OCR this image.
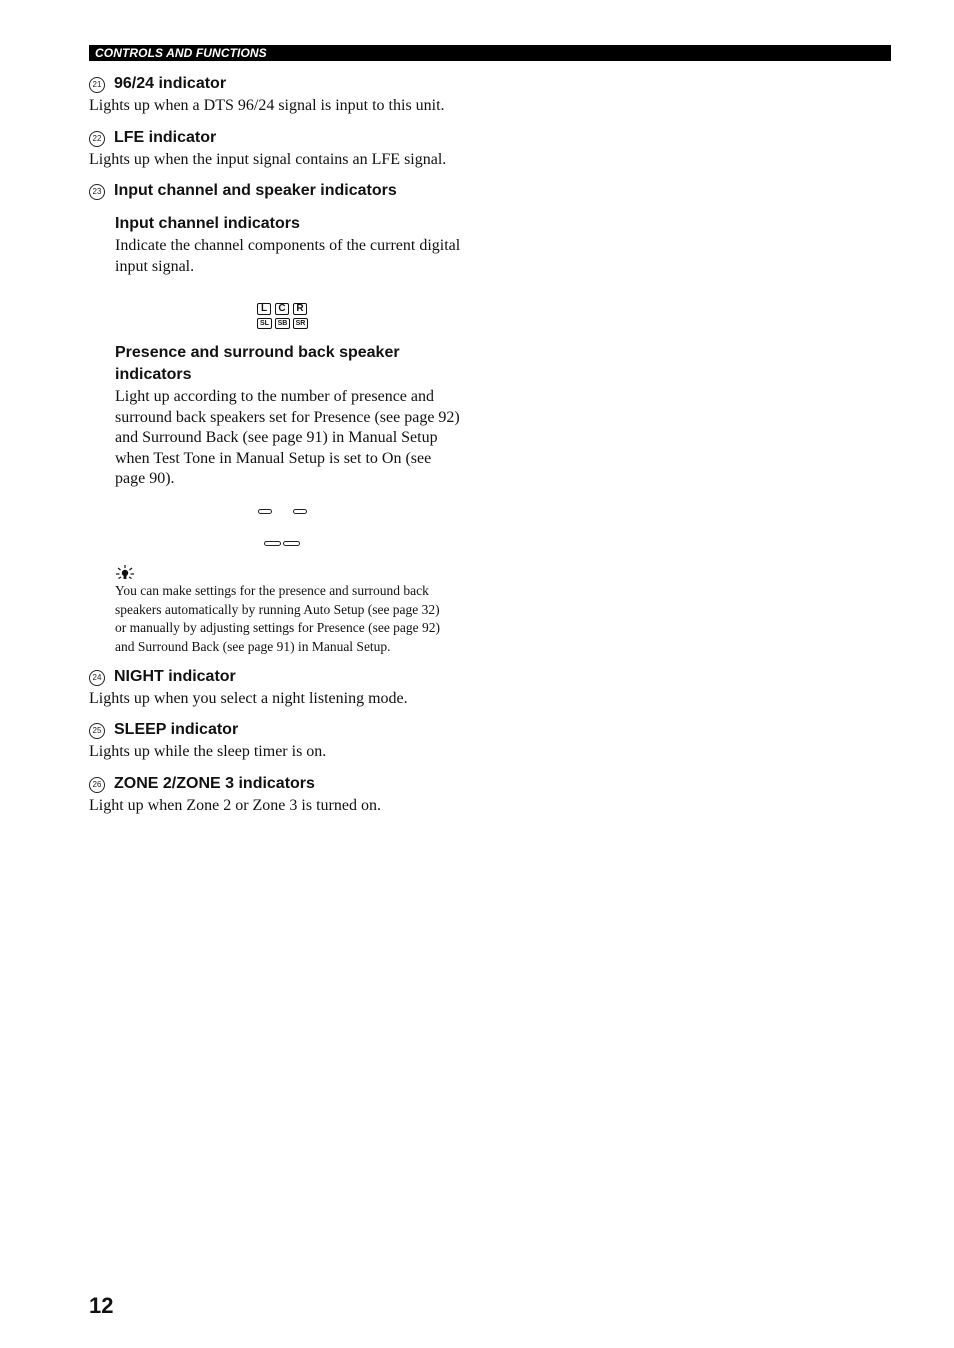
CONTROLS AND FUNCTIONS
21 96/24 indicator
Lights up when a DTS 96/24 signal is input to this unit.
22 LFE indicator
Lights up when the input signal contains an LFE signal.
23 Input channel and speaker indicators
Input channel indicators
Indicate the channel components of the current digital
input signal.
L C R
SL SB SR
Presence and surround back speaker
indicators
Light up according to the number of presence and
surround back speakers set for Presence (see page 92)
and Surround Back (see page 91) in Manual Setup
when Test Tone in Manual Setup is set to On (see
page 90).
You can make settings for the presence and surround back
speakers automatically by running Auto Setup (see page 32)
or manually by adjusting settings for Presence (see page 92)
and Surround Back (see page 91) in Manual Setup.
24 NIGHT indicator
Lights up when you select a night listening mode.
25 SLEEP indicator
Lights up while the sleep timer is on.
26 ZONE 2/ZONE 3 indicators
Light up when Zone 2 or Zone 3 is turned on.
12
